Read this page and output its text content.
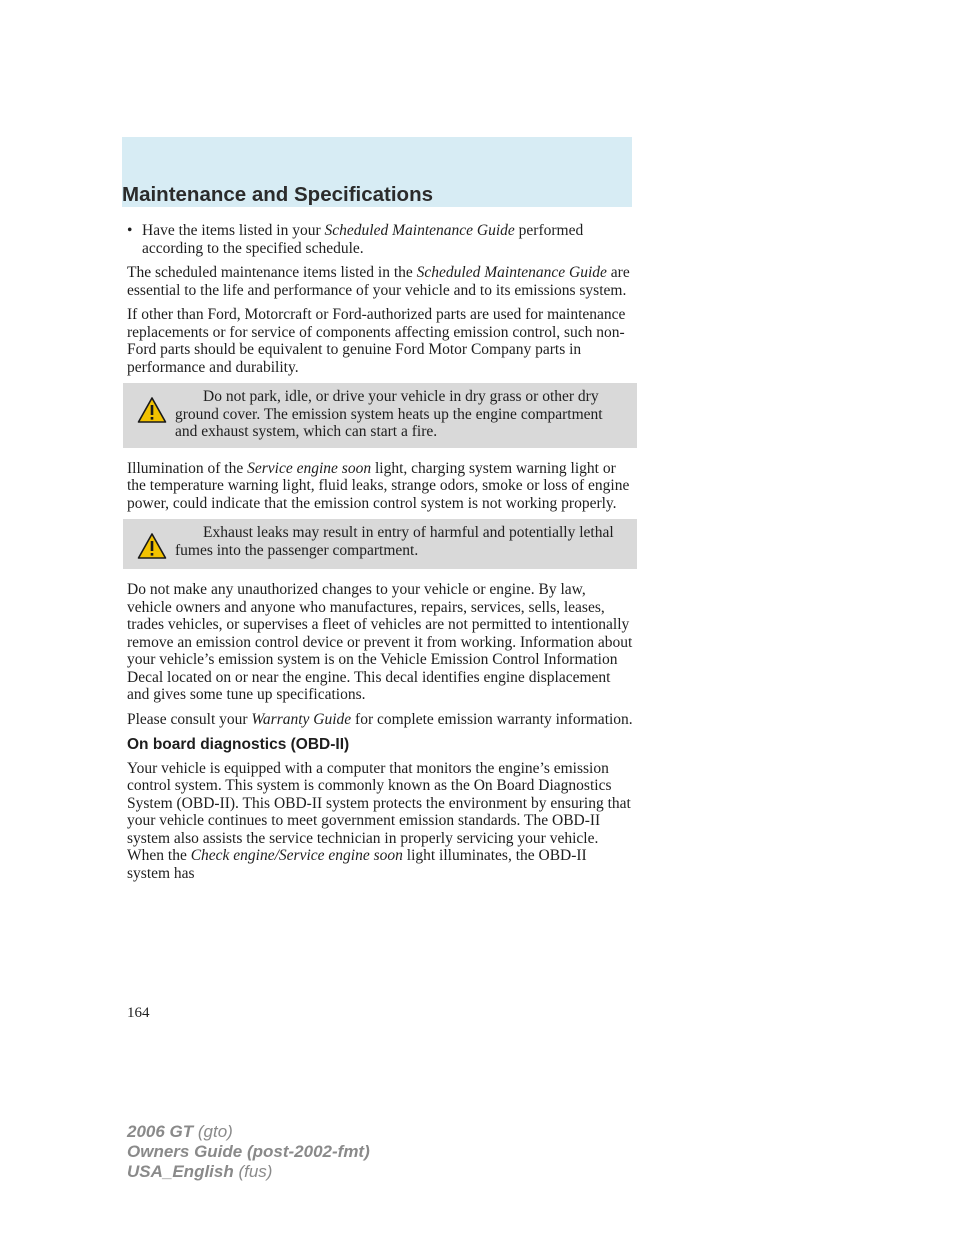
Maintenance and Specifications
• Have the items listed in your Scheduled Maintenance Guide performed according to the specified schedule.

The scheduled maintenance items listed in the Scheduled Maintenance Guide are essential to the life and performance of your vehicle and to its emissions system.

If other than Ford, Motorcraft or Ford-authorized parts are used for maintenance replacements or for service of components affecting emission control, such non-Ford parts should be equivalent to genuine Ford Motor Company parts in performance and durability.

Do not park, idle, or drive your vehicle in dry grass or other dry ground cover. The emission system heats up the engine compartment and exhaust system, which can start a fire.

Illumination of the Service engine soon light, charging system warning light or the temperature warning light, fluid leaks, strange odors, smoke or loss of engine power, could indicate that the emission control system is not working properly.

Exhaust leaks may result in entry of harmful and potentially lethal fumes into the passenger compartment.

Do not make any unauthorized changes to your vehicle or engine. By law, vehicle owners and anyone who manufactures, repairs, services, sells, leases, trades vehicles, or supervises a fleet of vehicles are not permitted to intentionally remove an emission control device or prevent it from working. Information about your vehicle’s emission system is on the Vehicle Emission Control Information Decal located on or near the engine. This decal identifies engine displacement and gives some tune up specifications.

Please consult your Warranty Guide for complete emission warranty information.

On board diagnostics (OBD-II)

Your vehicle is equipped with a computer that monitors the engine’s emission control system. This system is commonly known as the On Board Diagnostics System (OBD-II). This OBD-II system protects the environment by ensuring that your vehicle continues to meet government emission standards. The OBD-II system also assists the service technician in properly servicing your vehicle. When the Check engine/Service engine soon light illuminates, the OBD-II system has

164
2006 GT (gto)
Owners Guide (post-2002-fmt)
USA_English (fus)
